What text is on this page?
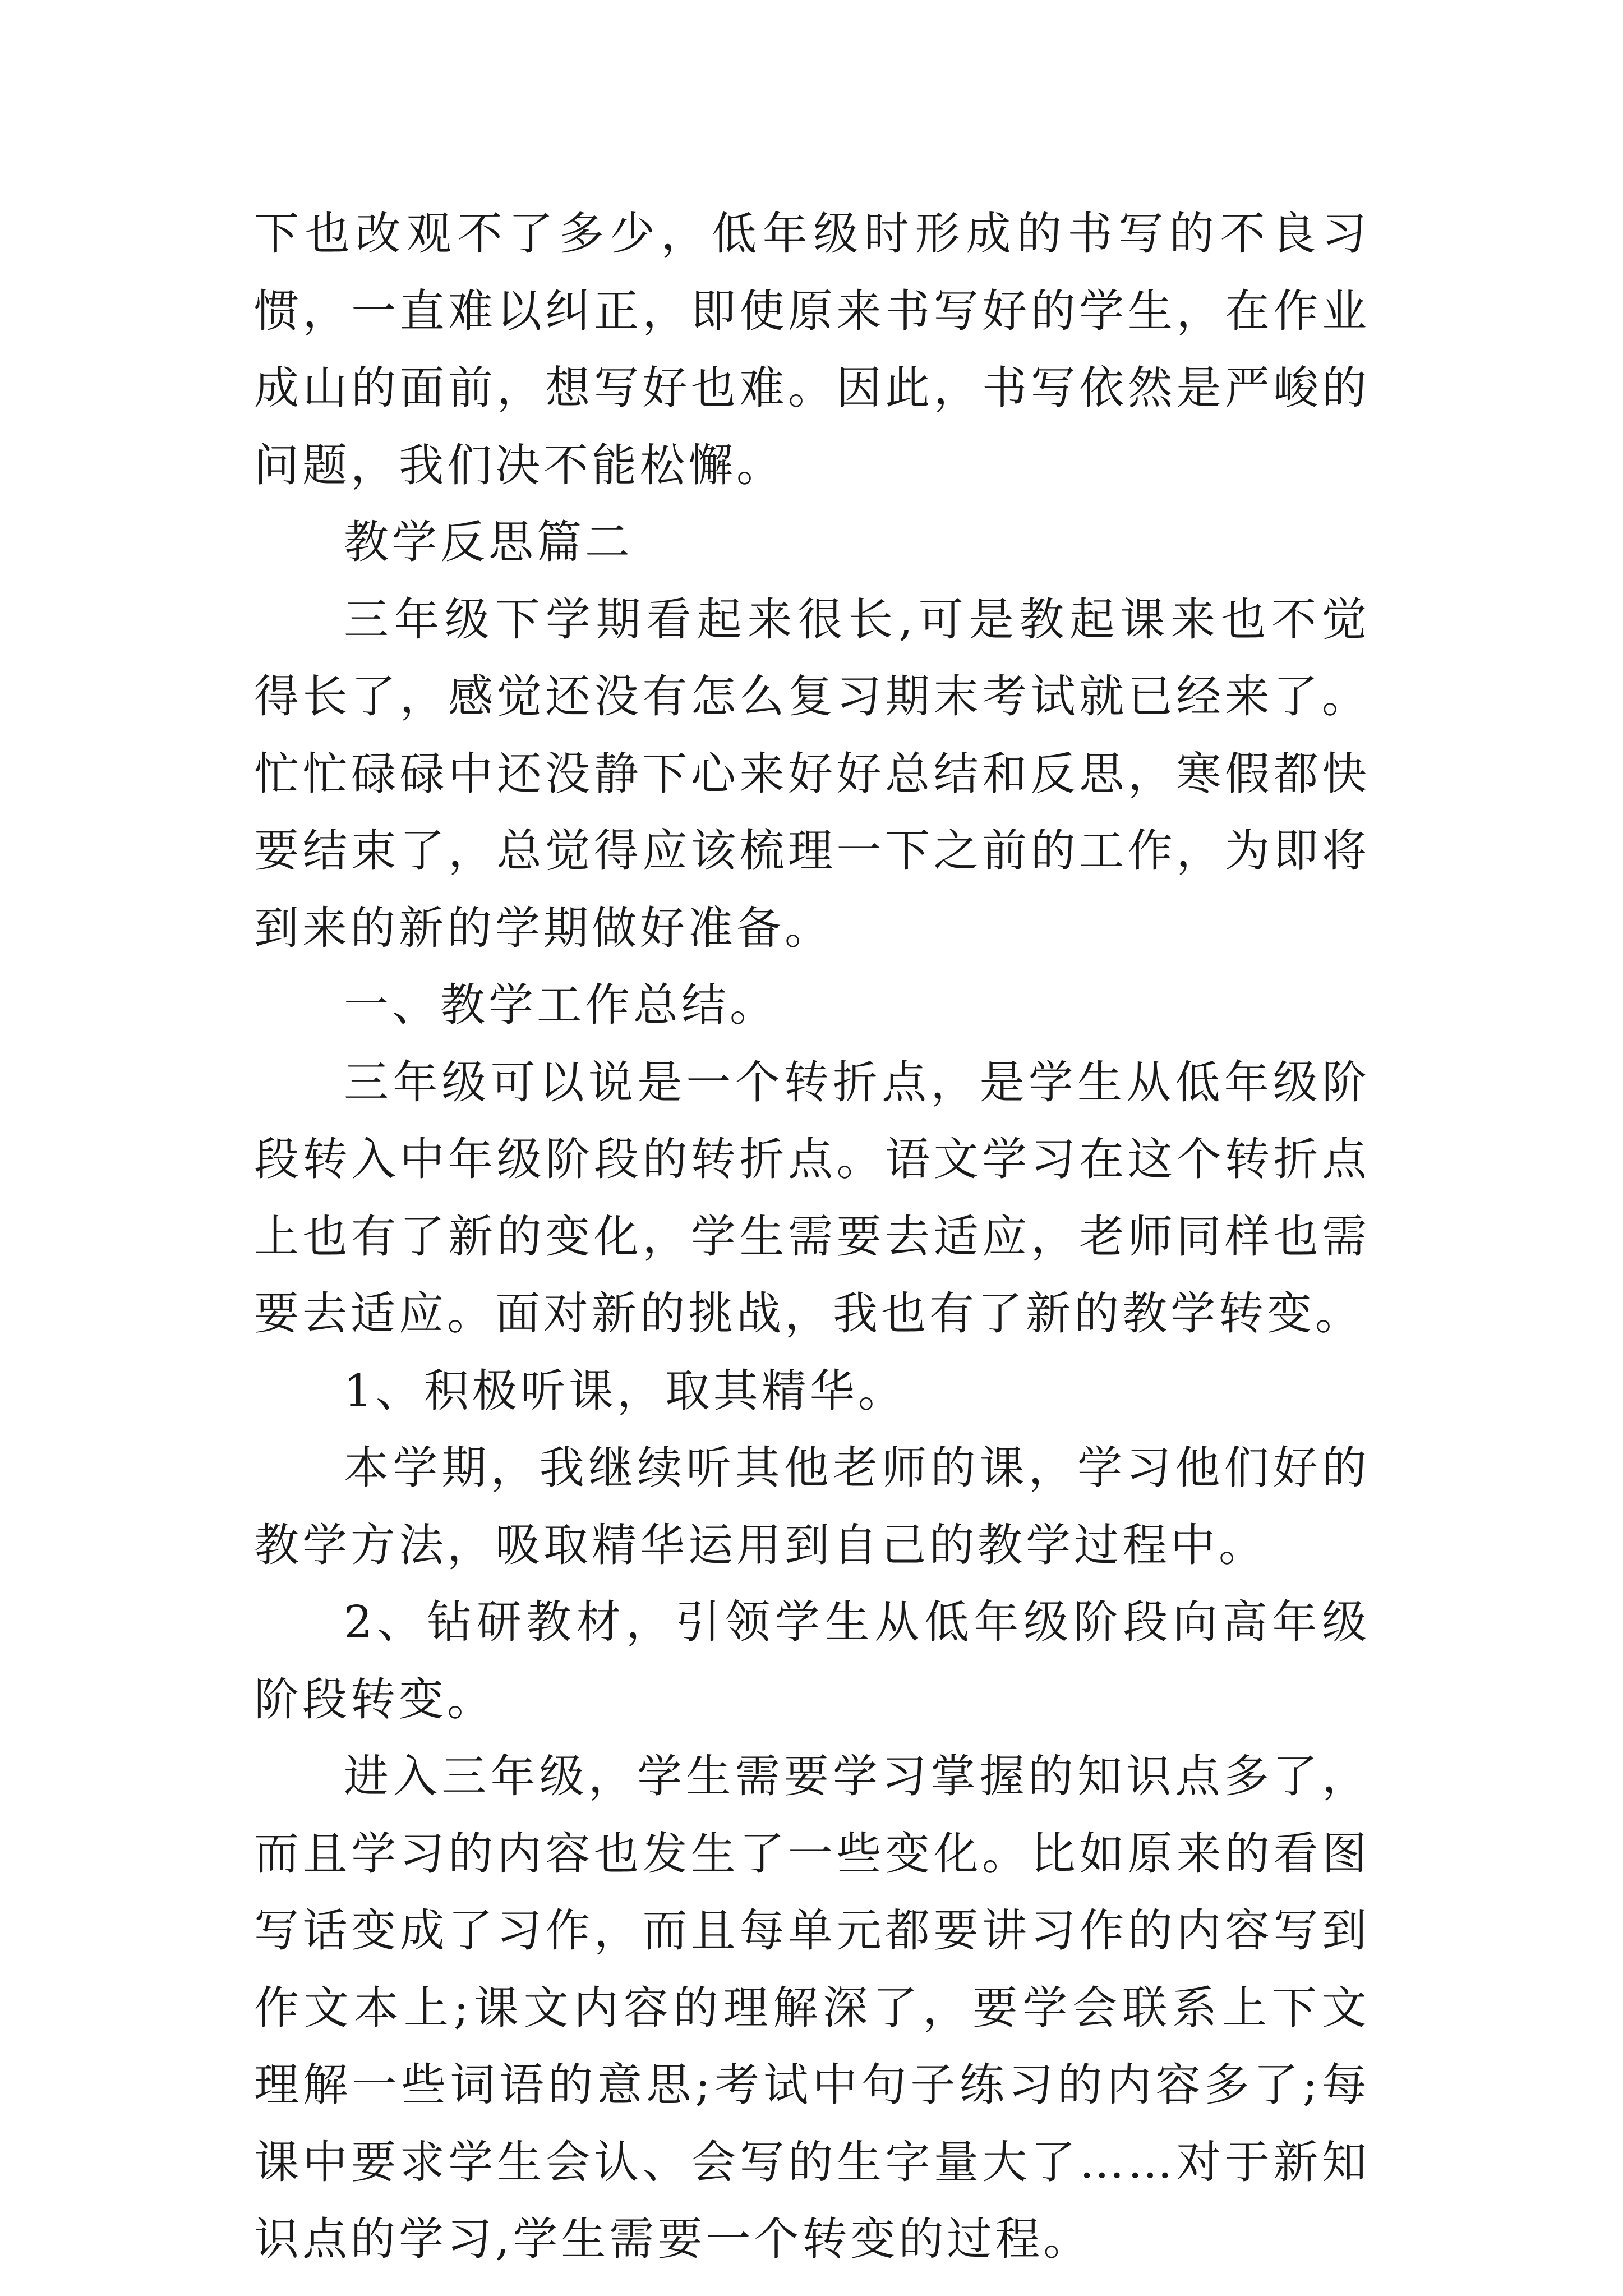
下也改观不了多少，低年级时形成的书写的不良习惯，一直难以纠正，即使原来书写好的学生，在作业成山的面前，想写好也难。因此，书写依然是严峻的问题，我们决不能松懈。

教学反思篇二

三年级下学期看起来很长,可是教起课来也不觉得长了，感觉还没有怎么复习期末考试就已经来了。忙忙碌碌中还没静下心来好好总结和反思，寒假都快要结束了，总觉得应该梳理一下之前的工作，为即将到来的新的学期做好准备。

一、教学工作总结。

三年级可以说是一个转折点，是学生从低年级阶段转入中年级阶段的转折点。语文学习在这个转折点上也有了新的变化，学生需要去适应，老师同样也需要去适应。面对新的挑战，我也有了新的教学转变。

1、积极听课，取其精华。

本学期，我继续听其他老师的课，学习他们好的教学方法，吸取精华运用到自己的教学过程中。

2、钻研教材，引领学生从低年级阶段向高年级阶段转变。

进入三年级，学生需要学习掌握的知识点多了，而且学习的内容也发生了一些变化。比如原来的看图写话变成了习作，而且每单元都要讲习作的内容写到作文本上;课文内容的理解深了，要学会联系上下文理解一些词语的意思;考试中句子练习的内容多了;每课中要求学生会认、会写的生字量大了……对于新知识点的学习,学生需要一个转变的过程。
